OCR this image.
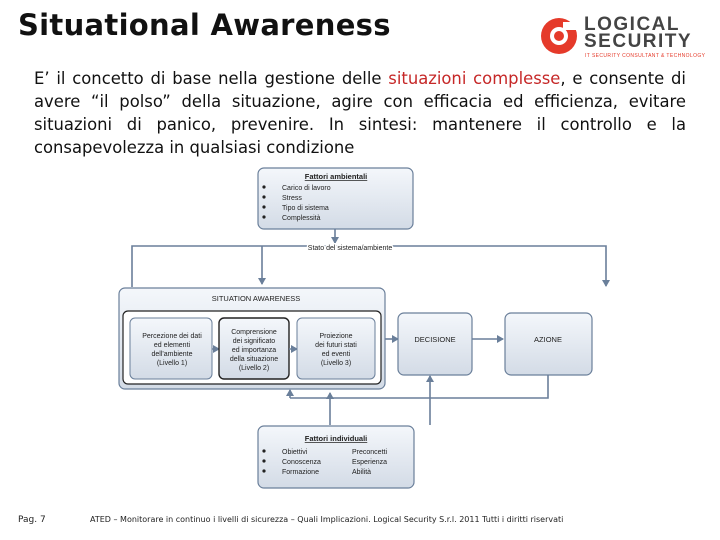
Situational Awareness	LOGICAL
SECURITY
IT SECURITY CONSULTANT & TECHNOLOGY
E’ il concetto di base nella gestione delle situazioni complesse, e consente di avere “il polso” della situazione, agire con efficacia ed efficienza, evitare situazioni di panico, prevenire. In sintesi: mantenere il controllo e la consapevolezza in qualsiasi condizione
Fattori ambientali
Carico di lavoro
Stress
Tipo di sistema
Complessità
Stato del sistema/ambiente
SITUATION AWARENESS
Percezione dei dati
ed elementi
dell'ambiente
(Livello 1)
Comprensione
dei significato
ed importanza
della situazione
(Livello 2)
Proiezione
dei futuri stati
ed eventi
(Livello 3)
DECISIONE	AZIONE
Fattori individuali
Obiettivi
Conoscenza
Formazione
Preconcetti
Esperienza
Abilità
Pag. 7	ATED – Monitorare in continuo i livelli di sicurezza – Quali Implicazioni. Logical Security S.r.l. 2011 Tutti i diritti riservati
